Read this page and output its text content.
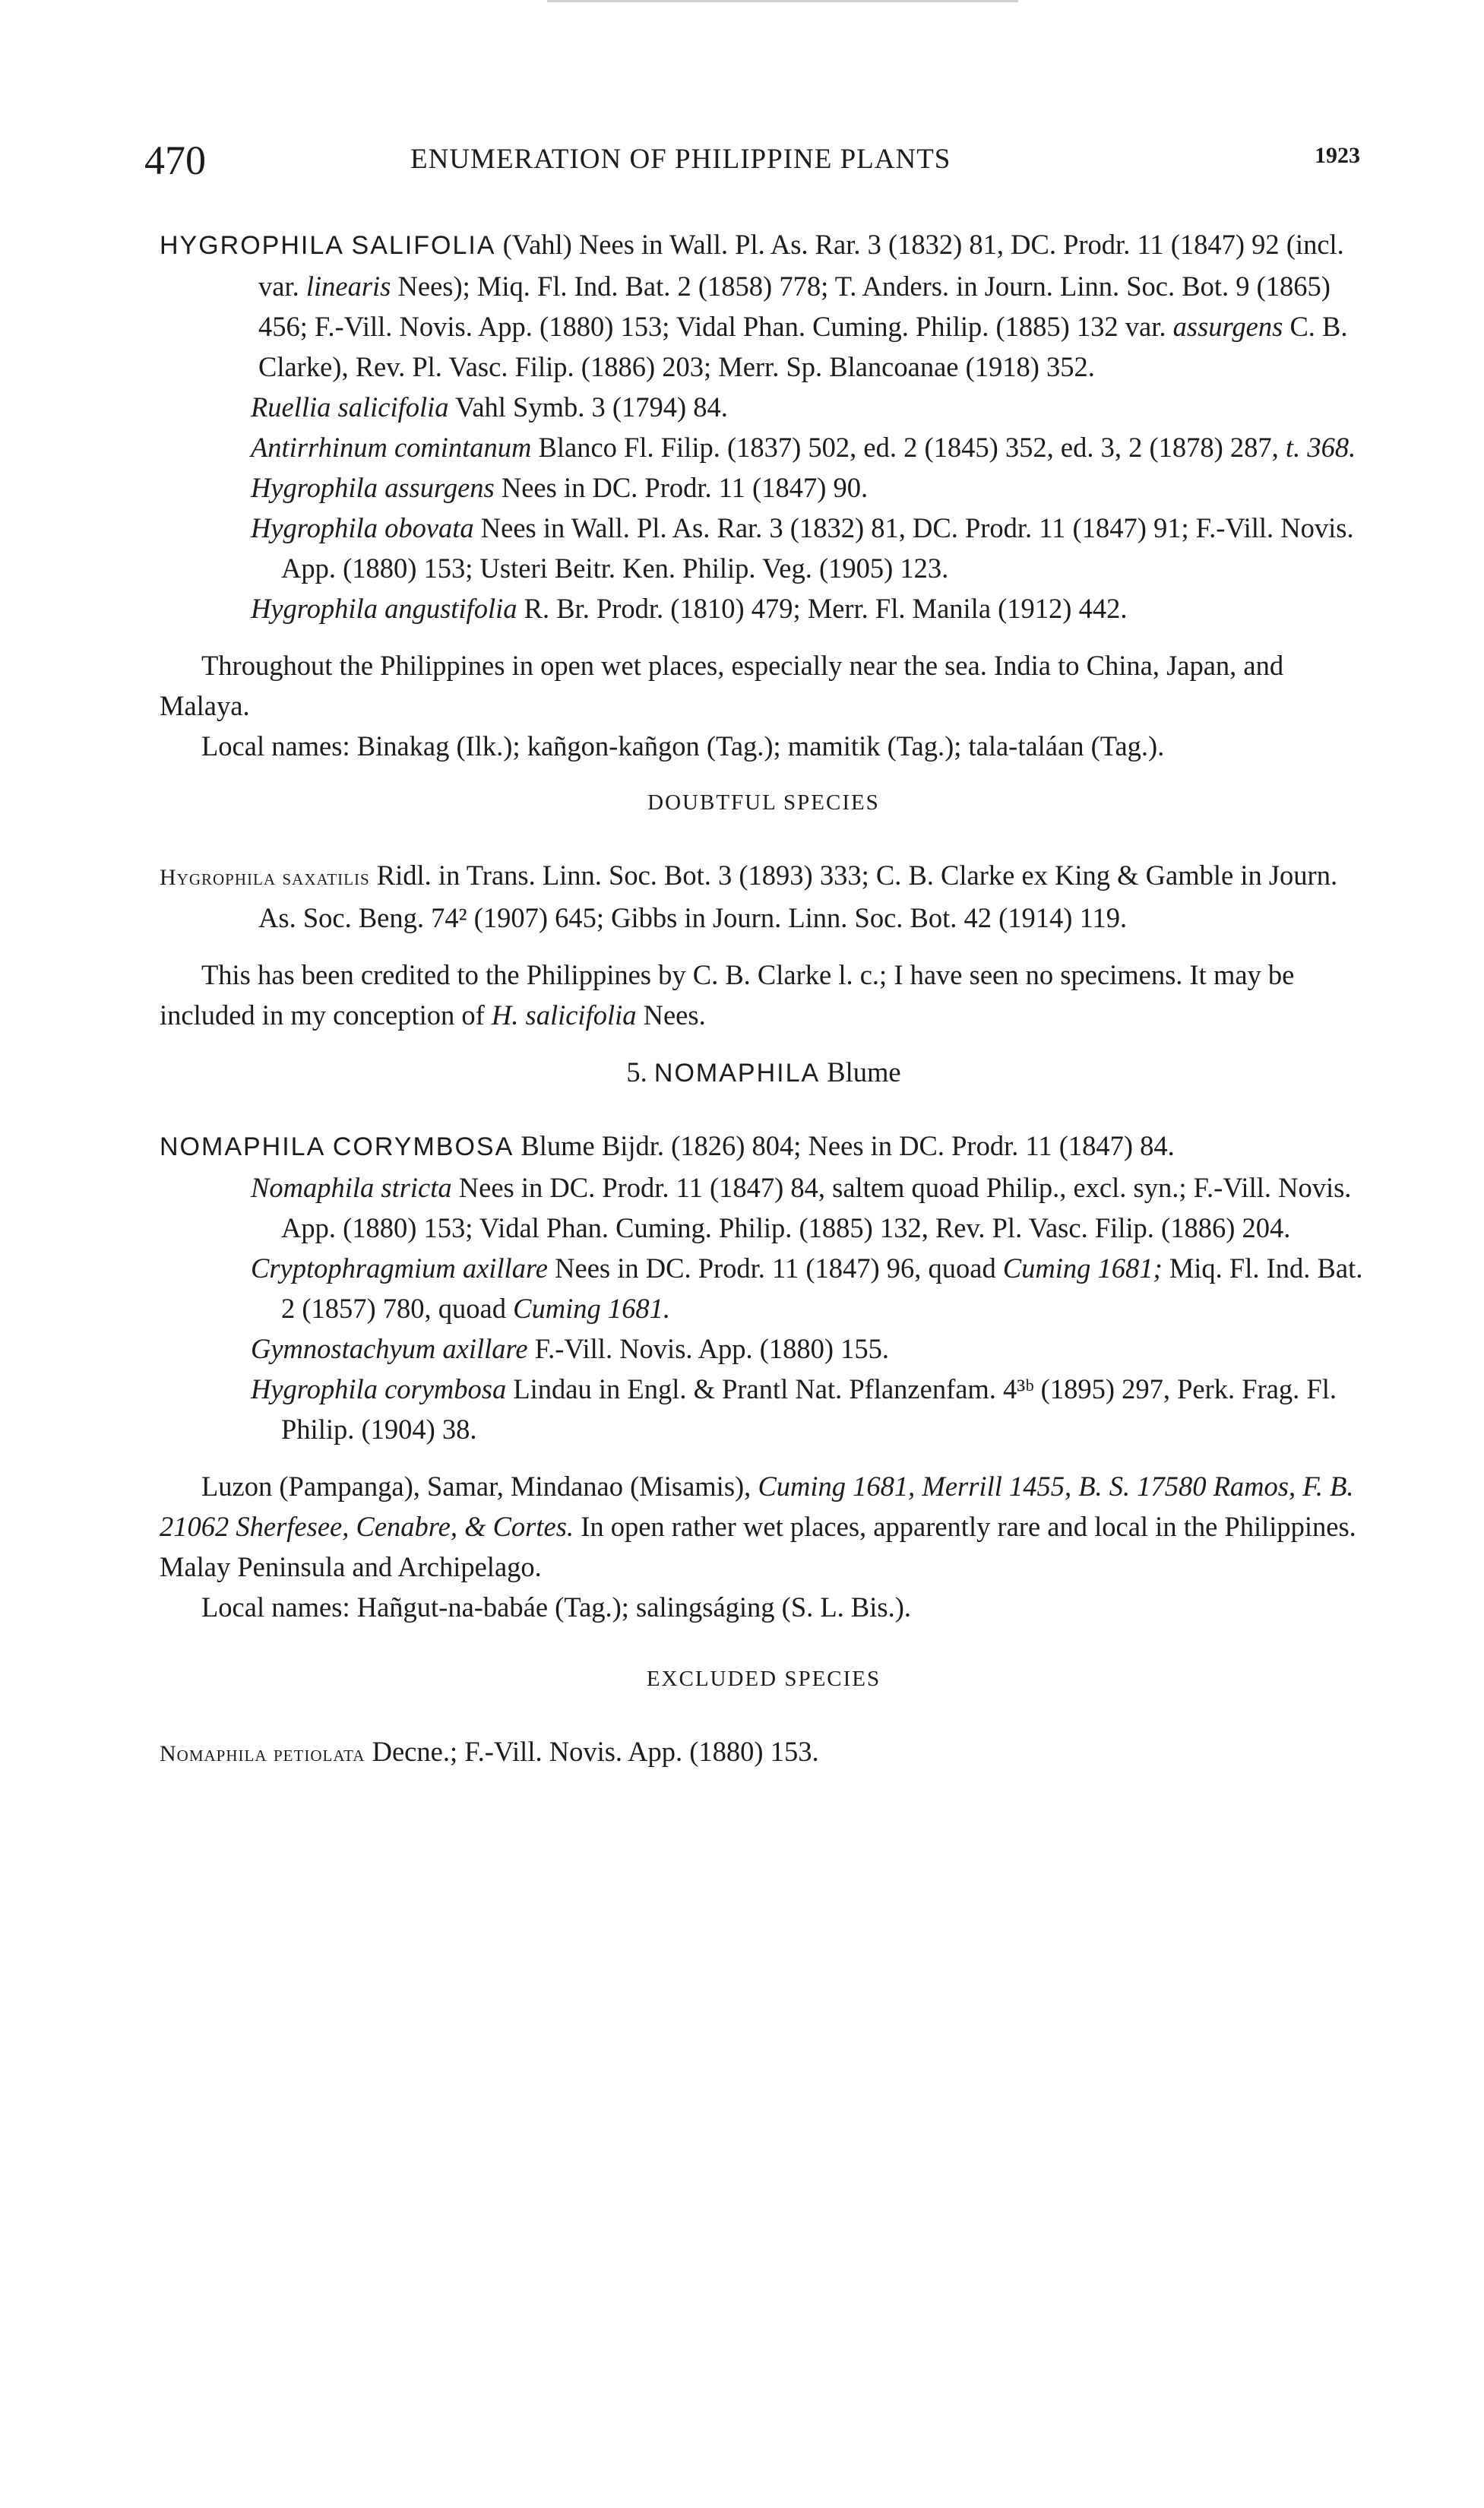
470	ENUMERATION OF PHILIPPINE PLANTS	1923

HYGROPHILA SALIFOLIA (Vahl) Nees in Wall. Pl. As. Rar. 3 (1832) 81, DC. Prodr. 11 (1847) 92 (incl. var. linearis Nees); Miq. Fl. Ind. Bat. 2 (1858) 778; T. Anders. in Journ. Linn. Soc. Bot. 9 (1865) 456; F.-Vill. Novis. App. (1880) 153; Vidal Phan. Cuming. Philip. (1885) 132 var. assurgens C. B. Clarke), Rev. Pl. Vasc. Filip. (1886) 203; Merr. Sp. Blancoanae (1918) 352.

Ruellia salicifolia Vahl Symb. 3 (1794) 84.

Antirrhinum comintanum Blanco Fl. Filip. (1837) 502, ed. 2 (1845) 352, ed. 3, 2 (1878) 287, t. 368.

Hygrophila assurgens Nees in DC. Prodr. 11 (1847) 90.

Hygrophila obovata Nees in Wall. Pl. As. Rar. 3 (1832) 81, DC. Prodr. 11 (1847) 91; F.-Vill. Novis. App. (1880) 153; Usteri Beitr. Ken. Philip. Veg. (1905) 123.

Hygrophila angustifolia R. Br. Prodr. (1810) 479; Merr. Fl. Manila (1912) 442.

Throughout the Philippines in open wet places, especially near the sea. India to China, Japan, and Malaya.

Local names: Binakag (Ilk.); kañgon-kañgon (Tag.); mamitik (Tag.); tala-taláan (Tag.).

DOUBTFUL SPECIES

Hygrophila saxatilis Ridl. in Trans. Linn. Soc. Bot. 3 (1893) 333; C. B. Clarke ex King & Gamble in Journ. As. Soc. Beng. 74² (1907) 645; Gibbs in Journ. Linn. Soc. Bot. 42 (1914) 119.

This has been credited to the Philippines by C. B. Clarke l. c.; I have seen no specimens. It may be included in my conception of H. salicifolia Nees.

5. NOMAPHILA Blume

NOMAPHILA CORYMBOSA Blume Bijdr. (1826) 804; Nees in DC. Prodr. 11 (1847) 84.

Nomaphila stricta Nees in DC. Prodr. 11 (1847) 84, saltem quoad Philip., excl. syn.; F.-Vill. Novis. App. (1880) 153; Vidal Phan. Cuming. Philip. (1885) 132, Rev. Pl. Vasc. Filip. (1886) 204.

Cryptophragmium axillare Nees in DC. Prodr. 11 (1847) 96, quoad Cuming 1681; Miq. Fl. Ind. Bat. 2 (1857) 780, quoad Cuming 1681.

Gymnostachyum axillare F.-Vill. Novis. App. (1880) 155.

Hygrophila corymbosa Lindau in Engl. & Prantl Nat. Pflanzenfam. 4³ᵇ (1895) 297, Perk. Frag. Fl. Philip. (1904) 38.

Luzon (Pampanga), Samar, Mindanao (Misamis), Cuming 1681, Merrill 1455, B. S. 17580 Ramos, F. B. 21062 Sherfesee, Cenabre, & Cortes. In open rather wet places, apparently rare and local in the Philippines. Malay Peninsula and Archipelago.

Local names: Hañgut-na-babáe (Tag.); salingságing (S. L. Bis.).

EXCLUDED SPECIES

Nomaphila petiolata Decne.; F.-Vill. Novis. App. (1880) 153.
